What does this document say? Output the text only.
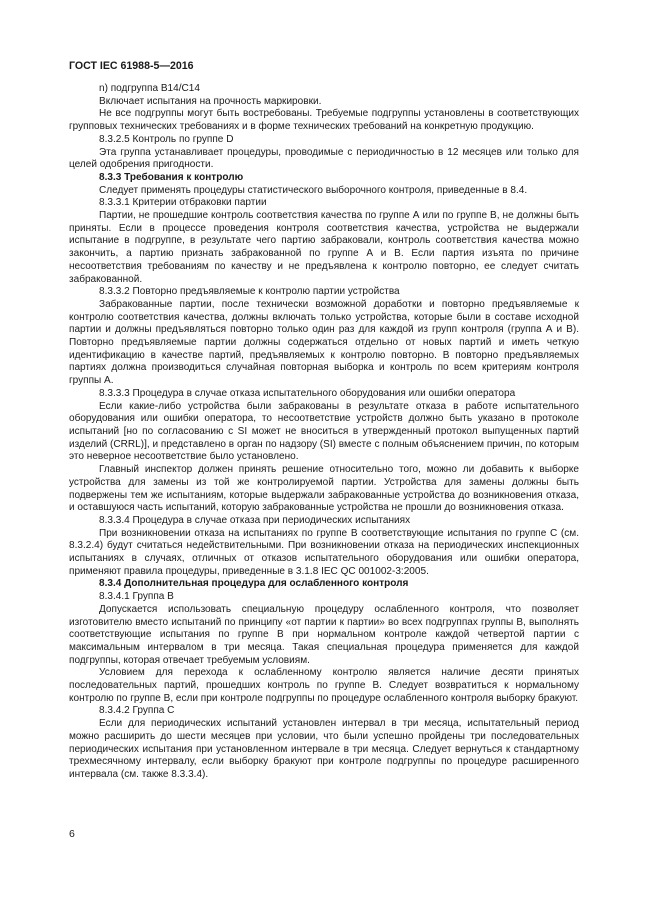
ГОСТ IEC 61988-5—2016

n) подгруппа В14/С14

Включает испытания на прочность маркировки.

Не все подгруппы могут быть востребованы. Требуемые подгруппы установлены в соответствующих групповых технических требованиях и в форме технических требований на конкретную продукцию.

8.3.2.5 Контроль по группе D

Эта группа устанавливает процедуры, проводимые с периодичностью в 12 месяцев или только для целей одобрения пригодности.

8.3.3 Требования к контролю

Следует применять процедуры статистического выборочного контроля, приведенные в 8.4.

8.3.3.1 Критерии отбраковки партии

Партии, не прошедшие контроль соответствия качества по группе А или по группе В, не должны быть приняты. Если в процессе проведения контроля соответствия качества, устройства не выдержали испытание в подгруппе, в результате чего партию забраковали, контроль соответствия качества можно закончить, а партию признать забракованной по группе А и В. Если партия изъята по причине несоответствия требованиям по качеству и не предъявлена к контролю повторно, ее следует считать забракованной.

8.3.3.2 Повторно предъявляемые к контролю партии устройства

Забракованные партии, после технически возможной доработки и повторно предъявляемые к контролю соответствия качества, должны включать только устройства, которые были в составе исходной партии и должны предъявляться повторно только один раз для каждой из групп контроля (группа А и В). Повторно предъявляемые партии должны содержаться отдельно от новых партий и иметь четкую идентификацию в качестве партий, предъявляемых к контролю повторно. В повторно предъявляемых партиях должна производиться случайная повторная выборка и контроль по всем критериям контроля группы А.

8.3.3.3 Процедура в случае отказа испытательного оборудования или ошибки оператора

Если какие-либо устройства были забракованы в результате отказа в работе испытательного оборудования или ошибки оператора, то несоответствие устройств должно быть указано в протоколе испытаний [но по согласованию с SI может не вноситься в утвержденный протокол выпущенных партий изделий (CRRL)], и представлено в орган по надзору (SI) вместе с полным объяснением причин, по которым это неверное несоответствие было установлено.

Главный инспектор должен принять решение относительно того, можно ли добавить к выборке устройства для замены из той же контролируемой партии. Устройства для замены должны быть подвержены тем же испытаниям, которые выдержали забракованные устройства до возникновения отказа, и оставшуюся часть испытаний, которую забракованные устройства не прошли до возникновения отказа.

8.3.3.4 Процедура в случае отказа при периодических испытаниях

При возникновении отказа на испытаниях по группе В соответствующие испытания по группе С (см. 8.3.2.4) будут считаться недействительными. При возникновении отказа на периодических инспекционных испытаниях в случаях, отличных от отказов испытательного оборудования или ошибки оператора, применяют правила процедуры, приведенные в 3.1.8 IEC QC 001002-3:2005.

8.3.4 Дополнительная процедура для ослабленного контроля

8.3.4.1 Группа В

Допускается использовать специальную процедуру ослабленного контроля, что позволяет изготовителю вместо испытаний по принципу «от партии к партии» во всех подгруппах группы В, выполнять соответствующие испытания по группе В при нормальном контроле каждой четвертой партии с максимальным интервалом в три месяца. Такая специальная процедура применяется для каждой подгруппы, которая отвечает требуемым условиям.

Условием для перехода к ослабленному контролю является наличие десяти принятых последовательных партий, прошедших контроль по группе В. Следует возвратиться к нормальному контролю по группе В, если при контроле подгруппы по процедуре ослабленного контроля выборку бракуют.

8.3.4.2 Группа С

Если для периодических испытаний установлен интервал в три месяца, испытательный период можно расширить до шести месяцев при условии, что были успешно пройдены три последовательных периодических испытания при установленном интервале в три месяца. Следует вернуться к стандартному трехмесячному интервалу, если выборку бракуют при контроле подгруппы по процедуре расширенного интервала (см. также 8.3.3.4).

6
